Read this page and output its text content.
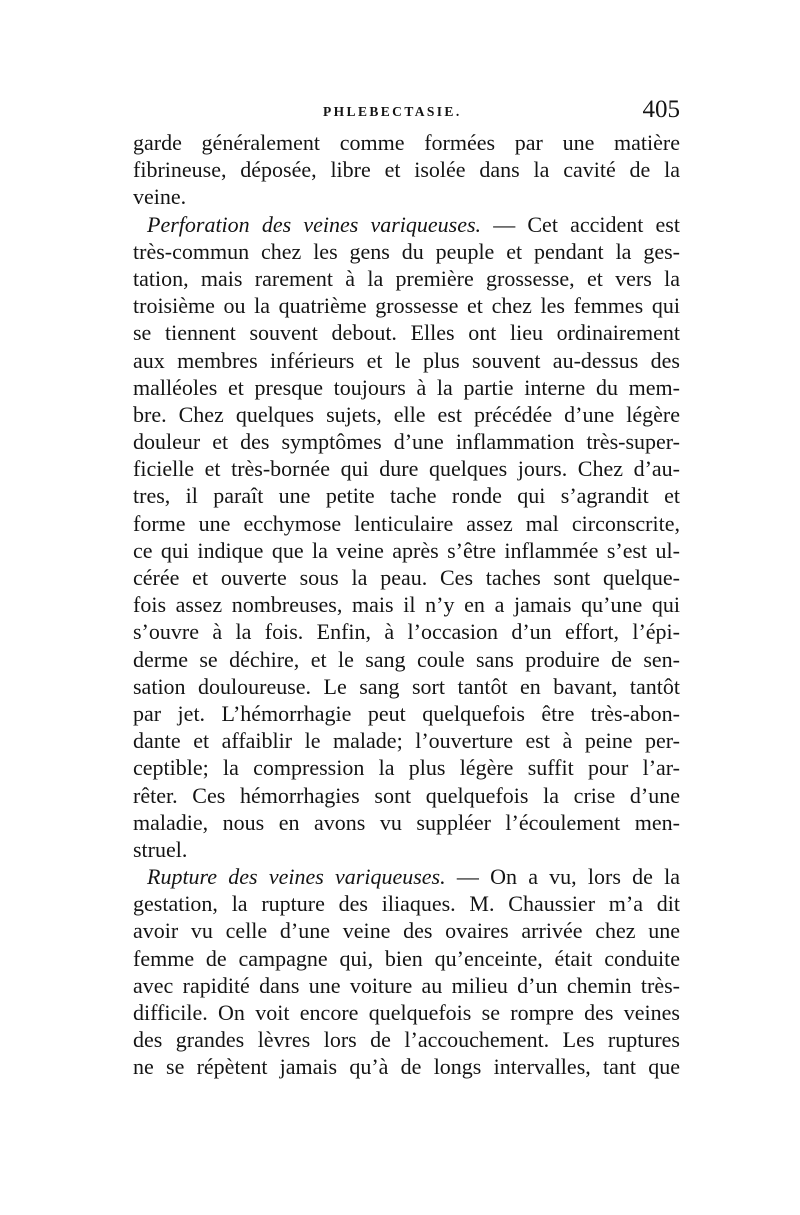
PHLEBECTASIE.	405
garde généralement comme formées par une matière
fibrineuse, déposée, libre et isolée dans la cavité de la
veine.
Perforation des veines variqueuses. — Cet accident est
très-commun chez les gens du peuple et pendant la ges-
tation, mais rarement à la première grossesse, et vers la
troisième ou la quatrième grossesse et chez les femmes qui
se tiennent souvent debout. Elles ont lieu ordinairement
aux membres inférieurs et le plus souvent au-dessus des
malléoles et presque toujours à la partie interne du mem-
bre. Chez quelques sujets, elle est précédée d’une légère
douleur et des symptômes d’une inflammation très-super-
ficielle et très-bornée qui dure quelques jours. Chez d’au-
tres, il paraît une petite tache ronde qui s’agrandit et
forme une ecchymose lenticulaire assez mal circonscrite,
ce qui indique que la veine après s’être inflammée s’est ul-
cérée et ouverte sous la peau. Ces taches sont quelque-
fois assez nombreuses, mais il n’y en a jamais qu’une qui
s’ouvre à la fois. Enfin, à l’occasion d’un effort, l’épi-
derme se déchire, et le sang coule sans produire de sen-
sation douloureuse. Le sang sort tantôt en bavant, tantôt
par jet. L’hémorrhagie peut quelquefois être très-abon-
dante et affaiblir le malade; l’ouverture est à peine per-
ceptible; la compression la plus légère suffit pour l’ar-
rêter. Ces hémorrhagies sont quelquefois la crise d’une
maladie, nous en avons vu suppléer l’écoulement men-
struel.
Rupture des veines variqueuses. — On a vu, lors de la
gestation, la rupture des iliaques. M. Chaussier m’a dit
avoir vu celle d’une veine des ovaires arrivée chez une
femme de campagne qui, bien qu’enceinte, était conduite
avec rapidité dans une voiture au milieu d’un chemin très-
difficile. On voit encore quelquefois se rompre des veines
des grandes lèvres lors de l’accouchement. Les ruptures
ne se répètent jamais qu’à de longs intervalles, tant que
